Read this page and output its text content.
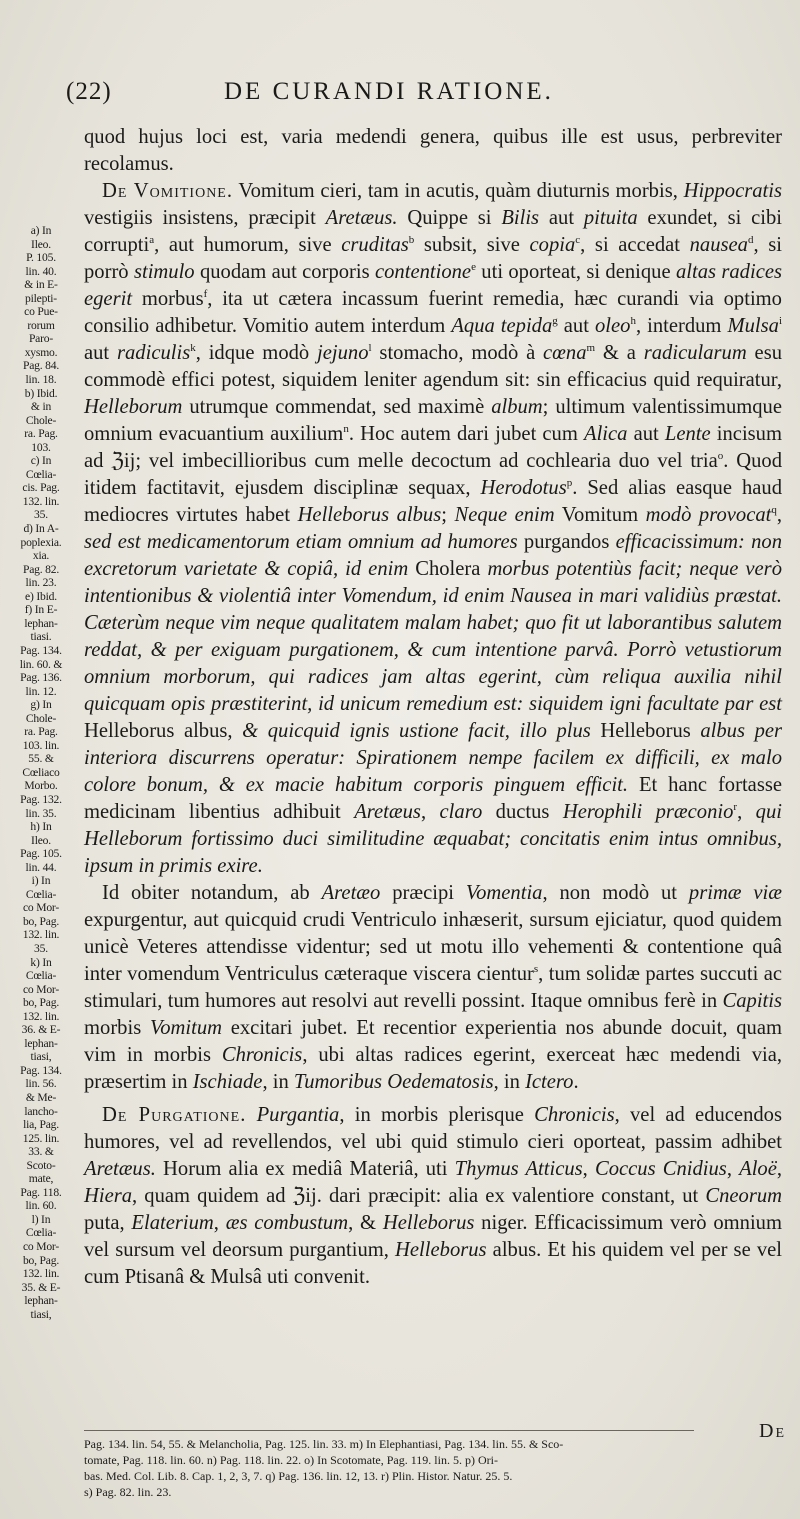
(22)	DE CURANDI RATIONE.
a) In
Ileo.
P. 105.
lin. 40.
& in E-
pilepti-
co Pue-
rorum
Paro-
xysmo.
Pag. 84.
lin. 18.
b) Ibid.
& in
Chole-
ra. Pag.
103.
c) In
Cœlia-
cis. Pag.
132. lin.
35.
d) In A-
poplexia.
xia.
Pag. 82.
lin. 23.
e) Ibid.
f) In E-
lephan-
tiasi.
Pag. 134.
lin. 60. &
Pag. 136.
lin. 12.
g) In
Chole-
ra. Pag.
103. lin.
55. &
Cœliaco
Morbo.
Pag. 132.
lin. 35.
h) In
Ileo.
Pag. 105.
lin. 44.
i) In
Cœlia-
co Mor-
bo, Pag.
132. lin.
35.
k) In
Cœlia-
co Mor-
bo, Pag.
132. lin.
36. & E-
lephan-
tiasi,
Pag. 134.
lin. 56.
& Me-
lancho-
lia, Pag.
125. lin.
33. &
Scoto-
mate,
Pag. 118.
lin. 60.
l) In
Cœlia-
co Mor-
bo, Pag.
132. lin.
35. & E-
lephan-
tiasi,

quod hujus loci est, varia medendi genera, quibus ille est usus, perbreviter recolamus.

De Vomitione. Vomitum cieri, tam in acutis, quàm diuturnis morbis, Hippocratis vestigiis insistens, præcipit Aretæus. Quippe si Bilis aut pituita exundet, si cibi corrupti$^a$, aut humorum, sive cruditas$^b$ subsit, sive copia$^c$, si accedat nausea$^d$, si porrò stimulo quodam aut corporis contentione$^e$ uti oporteat, si denique altas radices egerit morbus$^f$, ita ut cætera incassum fuerint remedia, hæc curandi via optimo consilio adhibetur. Vomitio autem interdum Aqua tepida$^g$ aut oleo$^h$, interdum Mulsa$^i$ aut radiculis$^k$, idque modò jejuno$^l$ stomacho, modò à cœna$^m$ & a radicularum esu commodè effici potest, siquidem leniter agendum sit: sin efficacius quid requiratur, Helleborum utrumque commendat, sed maximè album; ultimum valentissimumque omnium evacuantium auxilium$^n$. Hoc autem dari jubet cum Alica aut Lente incisum ad ℨij; vel imbecillioribus cum melle decoctum ad cochlearia duo vel tria$^o$. Quod itidem factitavit, ejusdem disciplinæ sequax, Herodotus$^p$. Sed alias easque haud mediocres virtutes habet Helleborus albus; Neque enim Vomitum modò provocat$^q$, sed est medicamentorum etiam omnium ad humores purgandos efficacissimum: non excretorum varietate & copiâ, id enim Cholera morbus potentiùs facit; neque verò intentionibus & violentiâ inter Vomendum, id enim Nausea in mari validiùs præstat. Cæterùm neque vim neque qualitatem malam habet; quo fit ut laborantibus salutem reddat, & per exiguam purgationem, & cum intentione parvâ. Porrò vetustiorum omnium morborum, qui radices jam altas egerint, cùm reliqua auxilia nihil quicquam opis præstiterint, id unicum remedium est: siquidem igni facultate par est Helleborus albus, & quicquid ignis ustione facit, illo plus Helleborus albus per interiora discurrens operatur: Spirationem nempe facilem ex difficili, ex malo colore bonum, & ex macie habitum corporis pinguem efficit. Et hanc fortasse medicinam libentius adhibuit Aretæus, claro ductus Herophili præconio$^r$, qui Helleborum fortissimo duci similitudine æquabat; concitatis enim intus omnibus, ipsum in primis exire.

Id obiter notandum, ab Aretæo præcipi Vomentia, non modò ut primæ viæ expurgentur, aut quicquid crudi Ventriculo inhæserit, sursum ejiciatur, quod quidem unicè Veteres attendisse videntur; sed ut motu illo vehementi & contentione quâ inter vomendum Ventriculus cæteraque viscera cientur$^s$, tum solidæ partes succuti ac stimulari, tum humores aut resolvi aut revelli possint. Itaque omnibus ferè in Capitis morbis Vomitum excitari jubet. Et recentior experientia nos abunde docuit, quam vim in morbis Chronicis, ubi altas radices egerint, exerceat hæc medendi via, præsertim in Ischiade, in Tumoribus Oedematosis, in Ictero.

De Purgatione. Purgantia, in morbis plerisque Chronicis, vel ad educendos humores, vel ad revellendos, vel ubi quid stimulo cieri oporteat, passim adhibet Aretæus. Horum alia ex mediâ Materiâ, uti Thymus Atticus, Coccus Cnidius, Aloë, Hiera, quam quidem ad ℨij. dari præcipit: alia ex valentiore constant, ut Cneorum puta, Elaterium, æs combustum, & Helleborus niger. Efficacissimum verò omnium vel sursum vel deorsum purgantium, Helleborus albus. Et his quidem vel per se vel cum Ptisanâ & Mulsâ uti convenit.

Pag. 134. lin. 54, 55. & Melancholia, Pag. 125. lin. 33. m) In Elephantiasi, Pag. 134. lin. 55. & Sco-
tomate, Pag. 118. lin. 60. n) Pag. 118. lin. 22. o) In Scotomate, Pag. 119. lin. 5. p) Ori-
bas. Med. Col. Lib. 8. Cap. 1, 2, 3, 7. q) Pag. 136. lin. 12, 13. r) Plin. Histor. Natur. 25. 5.
s) Pag. 82. lin. 23.
De
